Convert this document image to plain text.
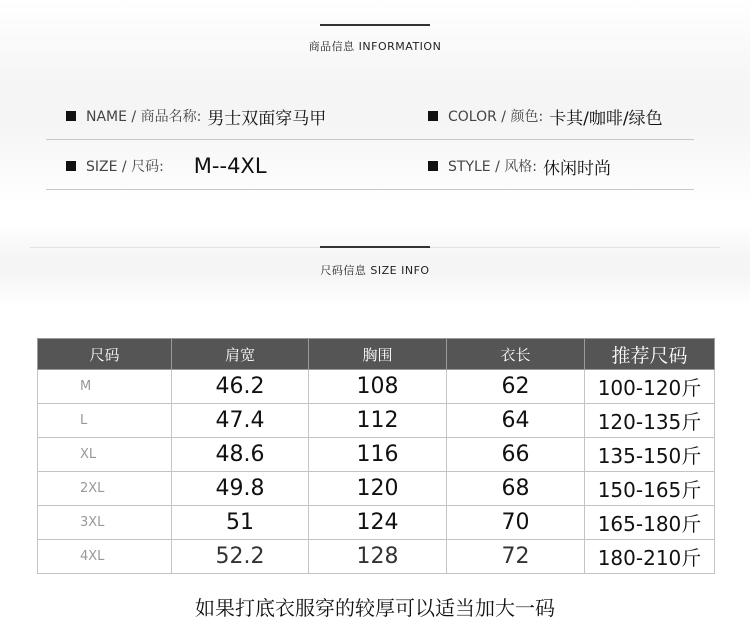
商品信息 INFORMATION
NAME / 商品名称: 男士双面穿马甲	COLOR / 颜色: 卡其/咖啡/绿色
SIZE / 尺码: M--4XL	STYLE / 风格: 休闲时尚
尺码信息 SIZE INFO
尺码	肩宽	胸围	衣长	推荐尺码
M	46.2	108	62	100-120斤
L	47.4	112	64	120-135斤
XL	48.6	116	66	135-150斤
2XL	49.8	120	68	150-165斤
3XL	51	124	70	165-180斤
4XL	52.2	128	72	180-210斤
如果打底衣服穿的较厚可以适当加大一码
